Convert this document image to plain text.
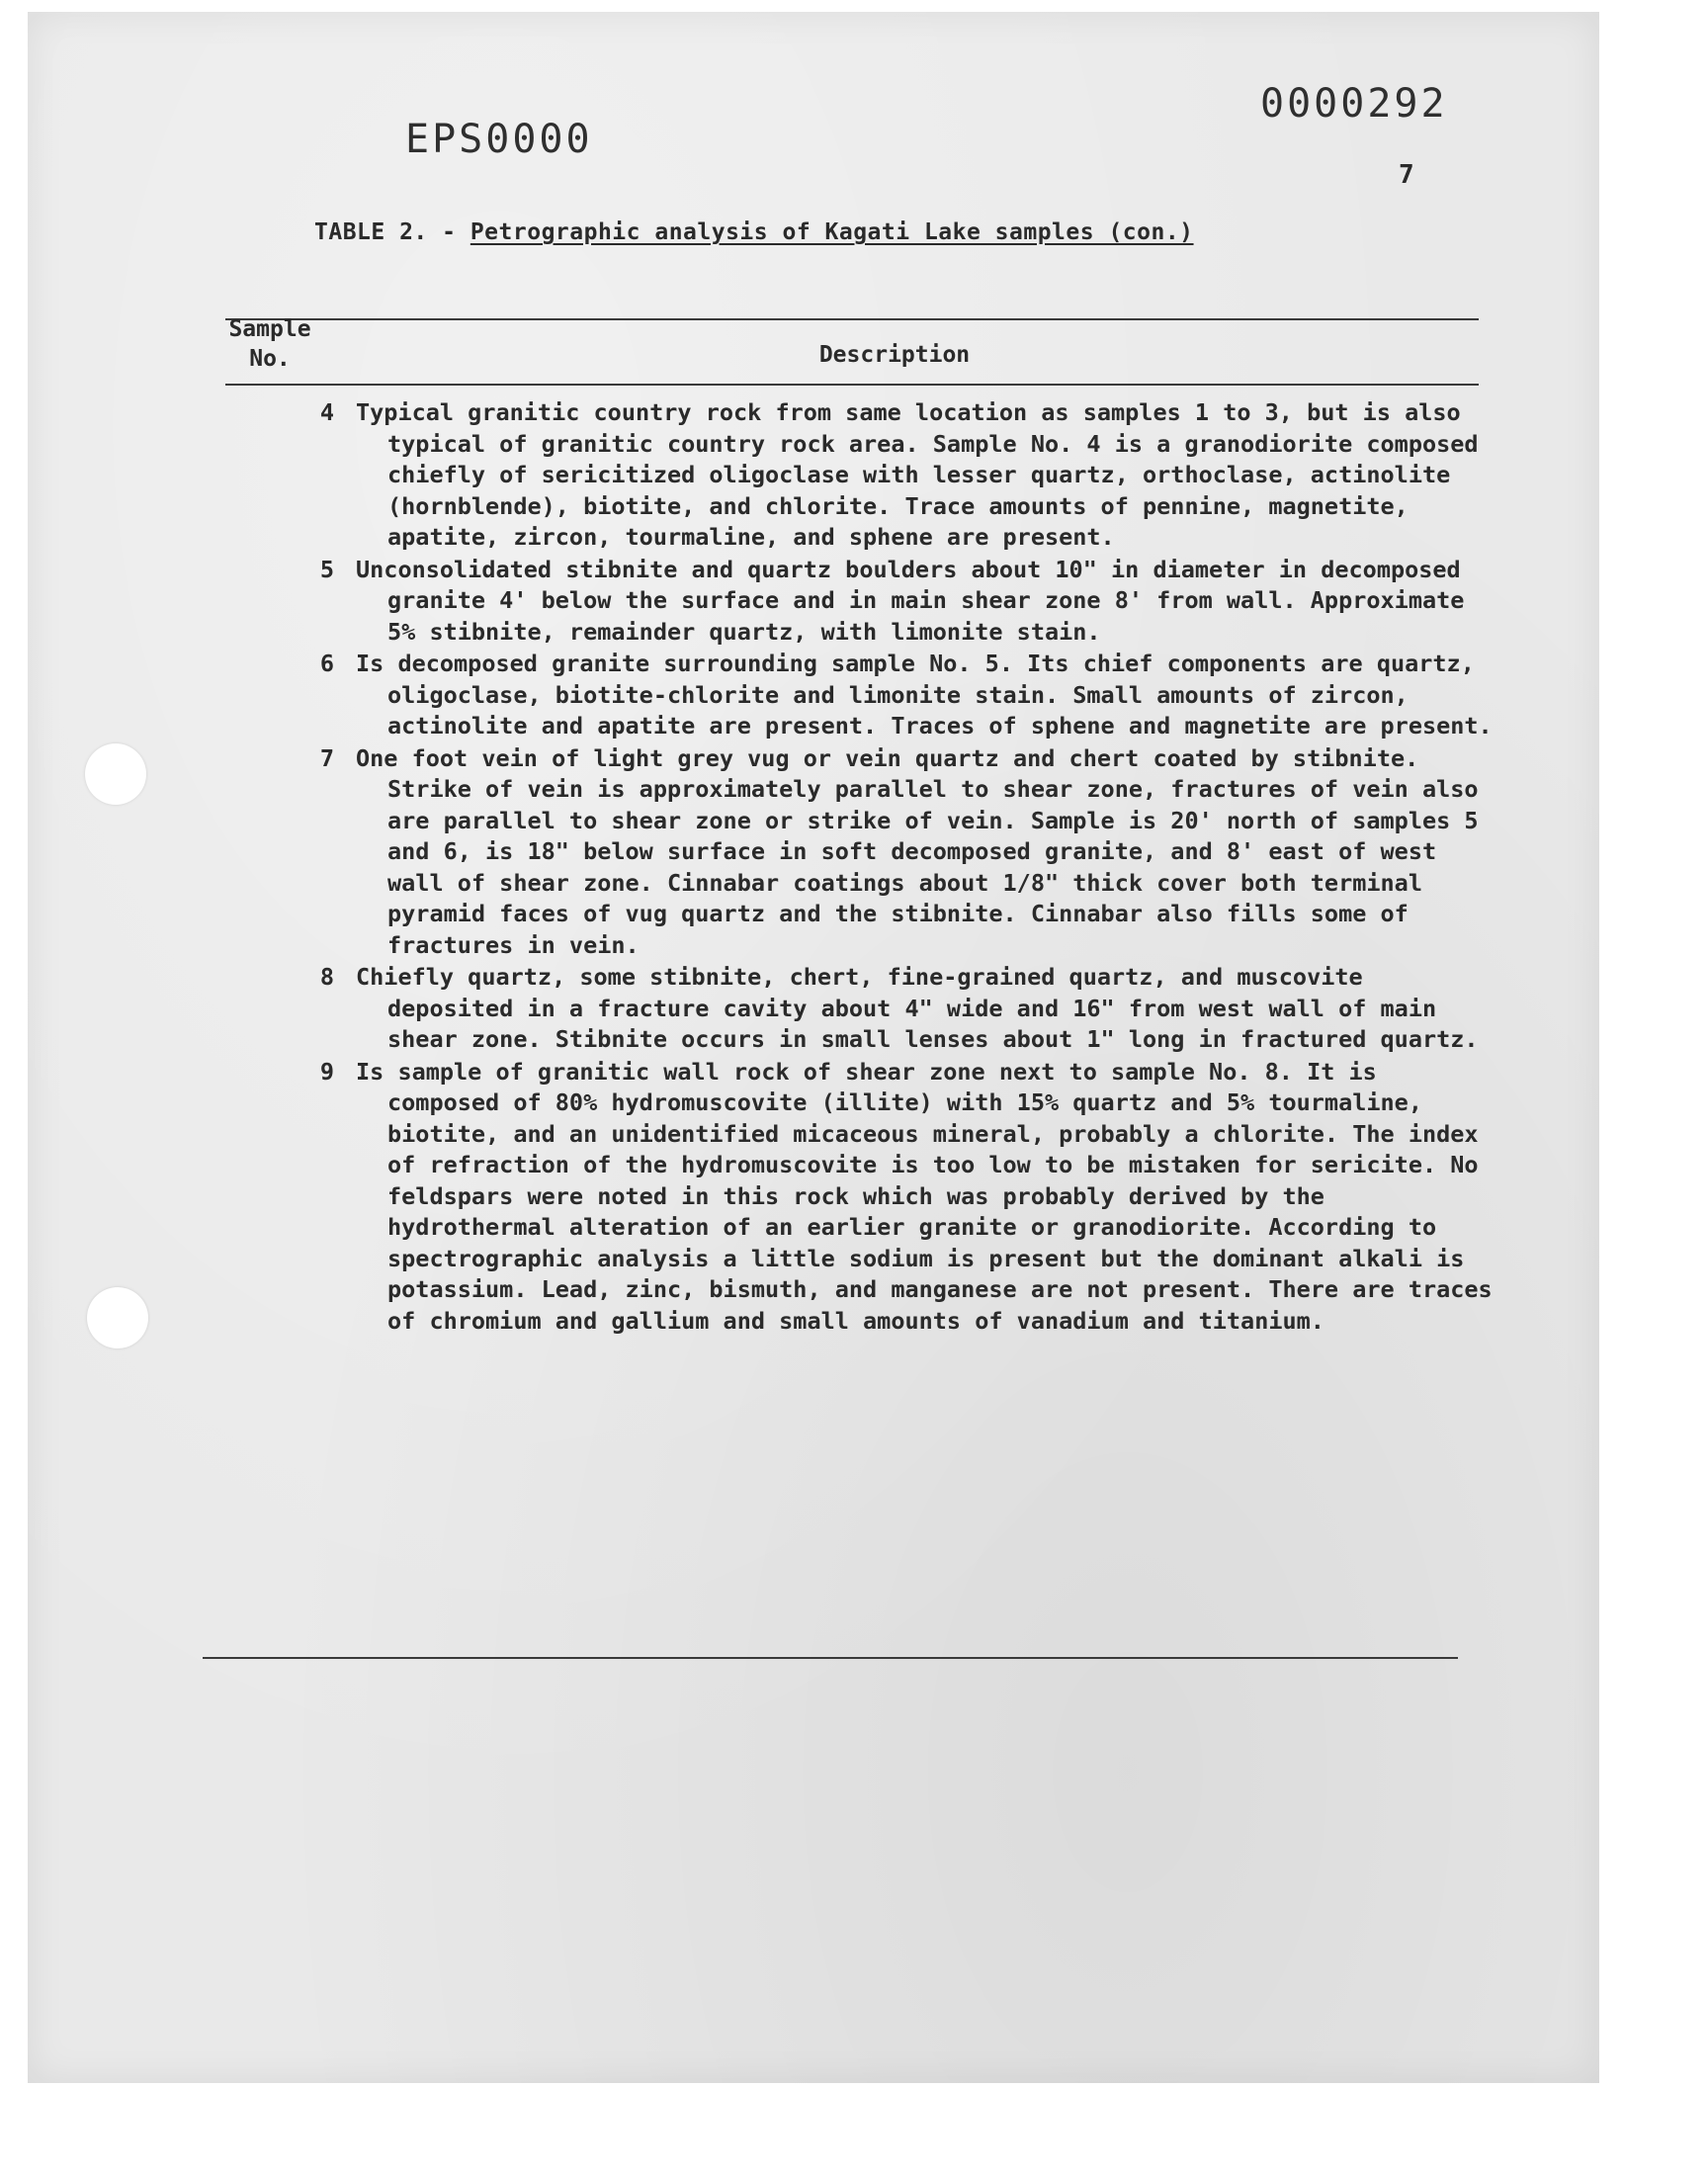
EPS0000
0000292
7
TABLE 2. - Petrographic analysis of Kagati Lake samples (con.)
Sample
No.	Description
4 Typical granitic country rock from same location as samples 1 to 3, but is also typical of granitic country rock area. Sample No. 4 is a granodiorite composed chiefly of sericitized oligoclase with lesser quartz, orthoclase, actinolite (hornblende), biotite, and chlorite. Trace amounts of pennine, magnetite, apatite, zircon, tourmaline, and sphene are present.
5 Unconsolidated stibnite and quartz boulders about 10" in diameter in decomposed granite 4' below the surface and in main shear zone 8' from wall. Approximate 5% stibnite, remainder quartz, with limonite stain.
6 Is decomposed granite surrounding sample No. 5. Its chief components are quartz, oligoclase, biotite-chlorite and limonite stain. Small amounts of zircon, actinolite and apatite are present. Traces of sphene and magnetite are present.
7 One foot vein of light grey vug or vein quartz and chert coated by stibnite. Strike of vein is approximately parallel to shear zone, fractures of vein also are parallel to shear zone or strike of vein. Sample is 20' north of samples 5 and 6, is 18" below surface in soft decomposed granite, and 8' east of west wall of shear zone. Cinnabar coatings about 1/8" thick cover both terminal pyramid faces of vug quartz and the stibnite. Cinnabar also fills some of fractures in vein.
8 Chiefly quartz, some stibnite, chert, fine-grained quartz, and muscovite deposited in a fracture cavity about 4" wide and 16" from west wall of main shear zone. Stibnite occurs in small lenses about 1" long in fractured quartz.
9 Is sample of granitic wall rock of shear zone next to sample No. 8. It is composed of 80% hydromuscovite (illite) with 15% quartz and 5% tourmaline, biotite, and an unidentified micaceous mineral, probably a chlorite. The index of refraction of the hydromuscovite is too low to be mistaken for sericite. No feldspars were noted in this rock which was probably derived by the hydrothermal alteration of an earlier granite or granodiorite. According to spectrographic analysis a little sodium is present but the dominant alkali is potassium. Lead, zinc, bismuth, and manganese are not present. There are traces of chromium and gallium and small amounts of vanadium and titanium.
